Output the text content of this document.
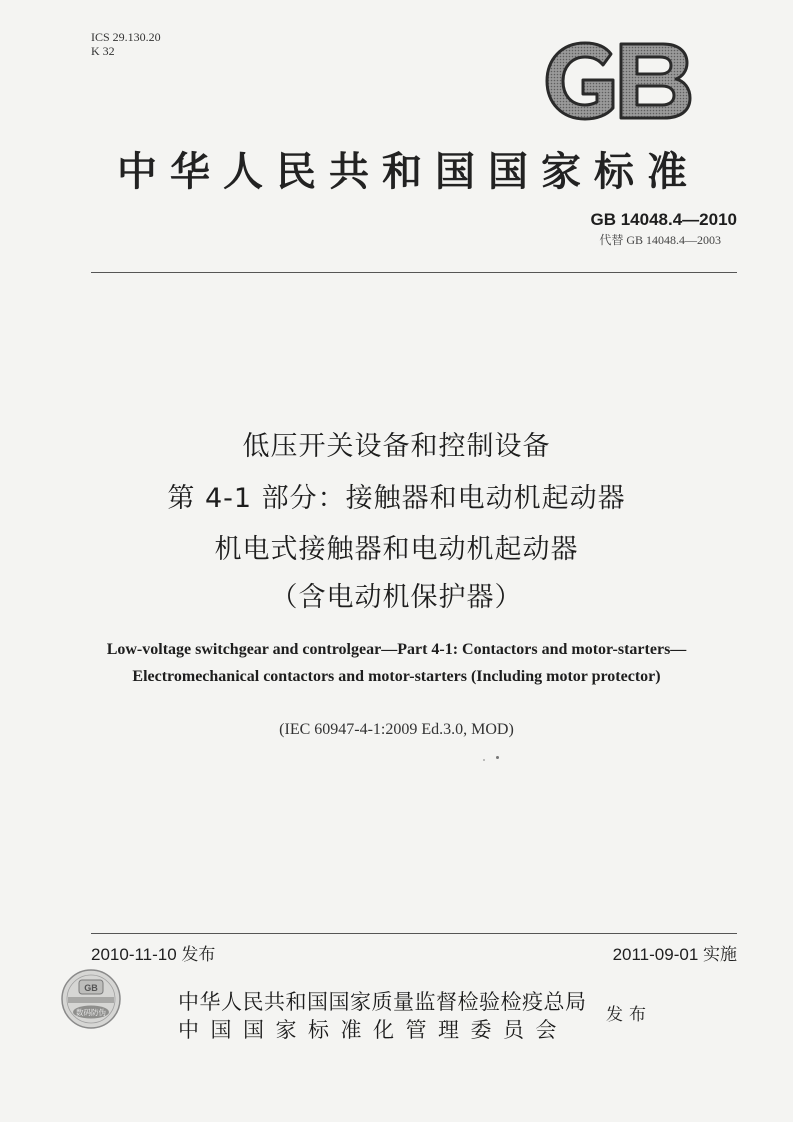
ICS 29.130.20
K 32
中华人民共和国国家标准
GB 14048.4—2010
代替 GB 14048.4—2003
低压开关设备和控制设备
第 4-1 部分：接触器和电动机起动器
机电式接触器和电动机起动器
（含电动机保护器）
Low-voltage switchgear and controlgear—Part 4-1: Contactors and motor-starters—
Electromechanical contactors and motor-starters (Including motor protector)
(IEC 60947-4-1:2009 Ed.3.0, MOD)
2010-11-10 发布	2011-09-01 实施
GB
数码防伪	中华人民共和国国家质量监督检验检疫总局
中国国家标准化管理委员会
发布
